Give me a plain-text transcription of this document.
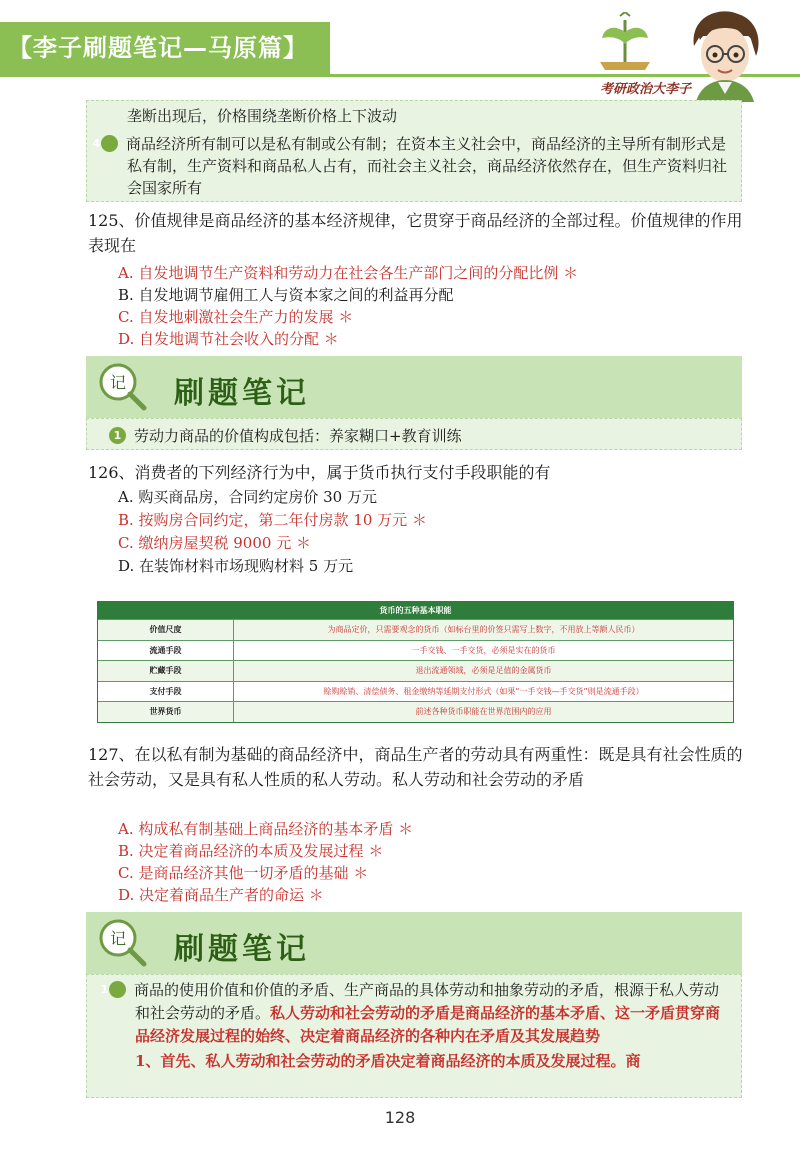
【李子刷题笔记—马原篇】
考研政治大李子
垄断出现后，价格围绕垄断价格上下波动
4 商品经济所有制可以是私有制或公有制；在资本主义社会中，商品经济的主导所有制形式是私有制，生产资料和商品私人占有，而社会主义社会，商品经济依然存在，但生产资料归社会国家所有
125、价值规律是商品经济的基本经济规律，它贯穿于商品经济的全部过程。价值规律的作用表现在
A. 自发地调节生产资料和劳动力在社会各生产部门之间的分配比例 ＊
B. 自发地调节雇佣工人与资本家之间的利益再分配
C. 自发地刺激社会生产力的发展 ＊
D. 自发地调节社会收入的分配 ＊
记 刷题笔记
1 劳动力商品的价值构成包括：养家糊口+教育训练
126、消费者的下列经济行为中，属于货币执行支付手段职能的有
A. 购买商品房，合同约定房价 30 万元
B. 按购房合同约定，第二年付房款 10 万元 ＊
C. 缴纳房屋契税 9000 元 ＊
D. 在装饰材料市场现购材料 5 万元
货币的五种基本职能
价值尺度	为商品定价，只需要观念的货币（如标台里的价签只需写上数字，不用放上等额人民币）
流通手段	一手交钱、一手交货，必须是实在的货币
贮藏手段	退出流通领域，必须是足值的金属货币
支付手段	赊购赊销、清偿债务、租金缴纳等延期支付形式（如果“一手交钱—手交货”则是流通手段）
世界货币	前述各种货币职能在世界范围内的应用
127、在以私有制为基础的商品经济中，商品生产者的劳动具有两重性：既是具有社会性质的社会劳动，又是具有私人性质的私人劳动。私人劳动和社会劳动的矛盾
A. 构成私有制基础上商品经济的基本矛盾 ＊
B. 决定着商品经济的本质及发展过程 ＊
C. 是商品经济其他一切矛盾的基础 ＊
D. 决定着商品生产者的命运 ＊
记 刷题笔记
1 商品的使用价值和价值的矛盾、生产商品的具体劳动和抽象劳动的矛盾，根源于私人劳动和社会劳动的矛盾。私人劳动和社会劳动的矛盾是商品经济的基本矛盾、这一矛盾贯穿商品经济发展过程的始终、决定着商品经济的各种内在矛盾及其发展趋势
1、首先、私人劳动和社会劳动的矛盾决定着商品经济的本质及发展过程。商
128
